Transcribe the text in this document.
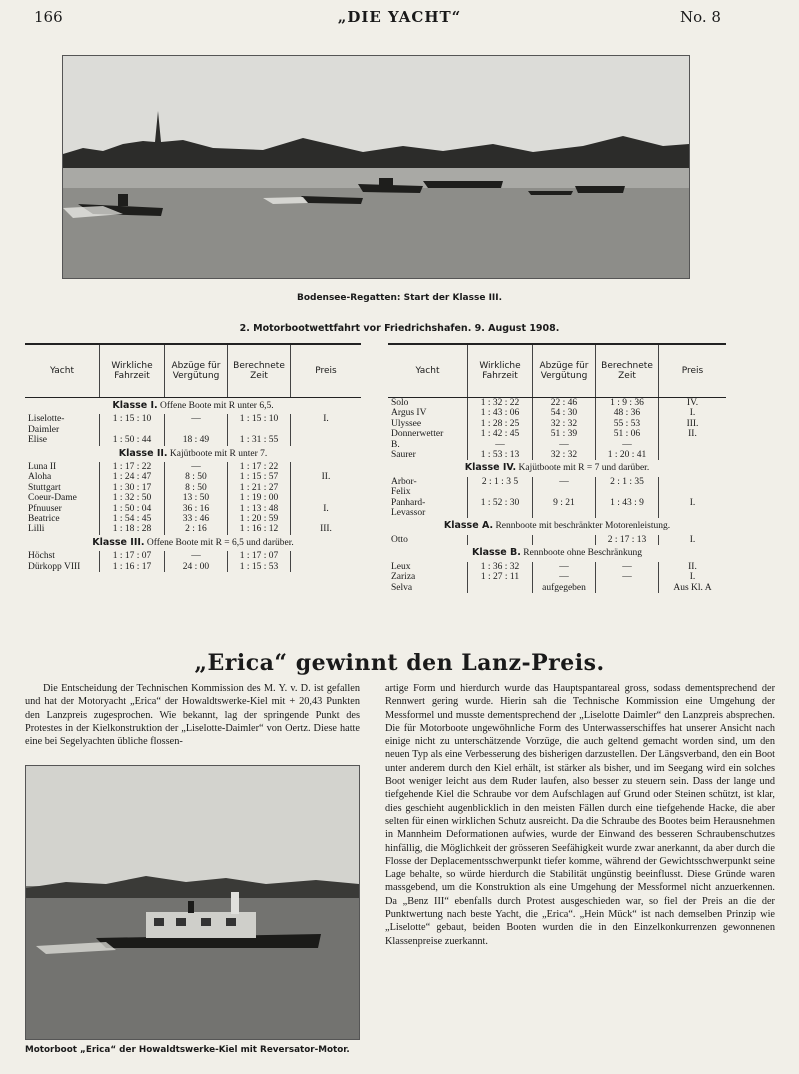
166	„DIE YACHT“	No. 8
Bodensee-Regatten: Start der Klasse III.
2. Motorbootwettfahrt vor Friedrichshafen. 9. August 1908.
Yacht	Wirkliche Fahrzeit	Abzüge für Vergütung	Berechnete Zeit	Preis
Klasse I. Offene Boote mit R unter 6,5.				
Liselotte-	1 : 15 : 10	—	1 : 15 : 10	I.
Daimler				
Elise	1 : 50 : 44	18 : 49	1 : 31 : 55	
Klasse II. Kajütboote mit R unter 7.				
Luna II	1 : 17 : 22	—	1 : 17 : 22	
Aloha	1 : 24 : 47	8 : 50	1 : 15 : 57	II.
Stuttgart	1 : 30 : 17	8 : 50	1 : 21 : 27	
Coeur-Dame	1 : 32 : 50	13 : 50	1 : 19 : 00	
Pfnuuser	1 : 50 : 04	36 : 16	1 : 13 : 48	I.
Beatrice	1 : 54 : 45	33 : 46	1 : 20 : 59	
Lilli	1 : 18 : 28	2 : 16	1 : 16 : 12	III.
Klasse III. Offene Boote mit R = 6,5 und darüber.				
Höchst	1 : 17 : 07	—	1 : 17 : 07	
Dürkopp VIII	1 : 16 : 17	24 : 00	1 : 15 : 53	
Yacht	Wirkliche Fahrzeit	Abzüge für Vergütung	Berechnete Zeit	Preis
Solo	1 : 32 : 22	22 : 46	1 : 9 : 36	IV.
Argus IV	1 : 43 : 06	54 : 30	48 : 36	I.
Ulyssee	1 : 28 : 25	32 : 32	55 : 53	III.
Donnerwetter	1 : 42 : 45	51 : 39	51 : 06	II.
B.	—	—	—	
Saurer	1 : 53 : 13	32 : 32	1 : 20 : 41	
Klasse IV. Kajütboote mit R = 7 und darüber.				
Arbor-	2 : 1 : 3 5	—	2 : 1 : 35	
Felix				
Panhard-	1 : 52 : 30	9 : 21	1 : 43 : 9	I.
Levassor				
Klasse A. Rennboote mit beschränkter Motorenleistung.				
Otto			2 : 17 : 13	I.
Klasse B. Rennboote ohne Beschränkung				
Leux	1 : 36 : 32	—	—	II.
Zariza	1 : 27 : 11	—	—	I.
Selva		aufgegeben		Aus Kl. A
„Erica“ gewinnt den Lanz-Preis.

Die Entscheidung der Technischen Kommission des M. Y. v. D. ist gefallen und hat der Motoryacht „Erica“ der Howaldtswerke-Kiel mit + 20,43 Punkten den Lanzpreis zugesprochen. Wie bekannt, lag der springende Punkt des Protestes in der Kielkonstruktion der „Liselotte-Daimler“ von Oertz. Diese hatte eine bei Segelyachten übliche flossen-

Motorboot „Erica“ der Howaldtswerke-Kiel mit Reversator-Motor.

artige Form und hierdurch wurde das Hauptspantareal gross, sodass dementsprechend der Rennwert gering wurde. Hierin sah die Technische Kommission eine Umgehung der Messformel und musste dementsprechend der „Liselotte Daimler“ den Lanzpreis absprechen. Die für Motorboote ungewöhnliche Form des Unterwasserschiffes hat unserer Ansicht nach einige nicht zu unterschätzende Vorzüge, die auch geltend gemacht worden sind, um den neuen Typ als eine Verbesserung des bisherigen darzustellen. Der Längsverband, den ein Boot unter anderem durch den Kiel erhält, ist stärker als bisher, und im Seegang wird ein solches Boot weniger leicht aus dem Ruder laufen, also besser zu steuern sein. Dass der lange und tiefgehende Kiel die Schraube vor dem Aufschlagen auf Grund oder Steinen schützt, ist klar, dies geschieht augenblicklich in den meisten Fällen durch eine tiefgehende Hacke, die aber selten für einen wirklichen Schutz ausreicht. Da die Schraube des Bootes beim Herausnehmen in Mannheim Deformationen aufwies, wurde der Einwand des besseren Schraubenschutzes hinfällig, die Möglichkeit der grösseren Seefähigkeit wurde zwar anerkannt, da aber durch die Flosse der Deplacementsschwerpunkt tiefer komme, während der Gewichtsschwerpunkt seine Lage behalte, so würde hierdurch die Stabilität ungünstig beeinflusst. Diese Gründe waren massgebend, um die Konstruktion als eine Umgehung der Messformel nicht anzuerkennen. Da „Benz III“ ebenfalls durch Protest ausgeschieden war, so fiel der Preis an die der Punktwertung nach beste Yacht, die „Erica“. „Hein Mück“ ist nach demselben Prinzip wie „Liselotte“ gebaut, beiden Booten wurden die in den Einzelkonkurrenzen gewonnenen Klassenpreise zuerkannt.
